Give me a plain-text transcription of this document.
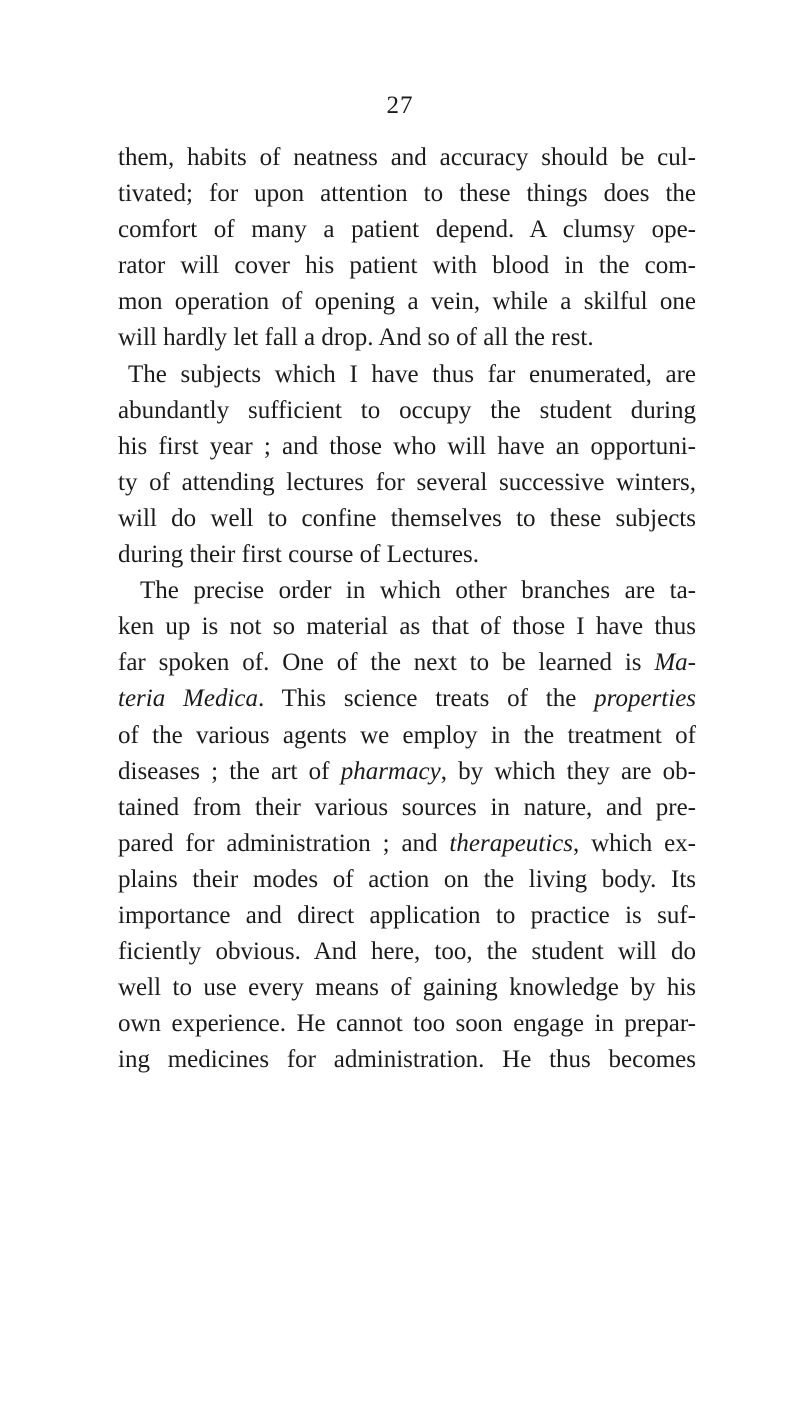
27
them, habits of neatness and accuracy should be cul-
tivated; for upon attention to these things does the
comfort of many a patient depend. A clumsy ope-
rator will cover his patient with blood in the com-
mon operation of opening a vein, while a skilful one
will hardly let fall a drop. And so of all the rest.
The subjects which I have thus far enumerated, are
abundantly sufficient to occupy the student during
his first year ; and those who will have an opportuni-
ty of attending lectures for several successive winters,
will do well to confine themselves to these subjects
during their first course of Lectures.
The precise order in which other branches are ta-
ken up is not so material as that of those I have thus
far spoken of. One of the next to be learned is Ma-
teria Medica. This science treats of the properties
of the various agents we employ in the treatment of
diseases ; the art of pharmacy, by which they are ob-
tained from their various sources in nature, and pre-
pared for administration ; and therapeutics, which ex-
plains their modes of action on the living body. Its
importance and direct application to practice is suf-
ficiently obvious. And here, too, the student will do
well to use every means of gaining knowledge by his
own experience. He cannot too soon engage in prepar-
ing medicines for administration. He thus becomes
